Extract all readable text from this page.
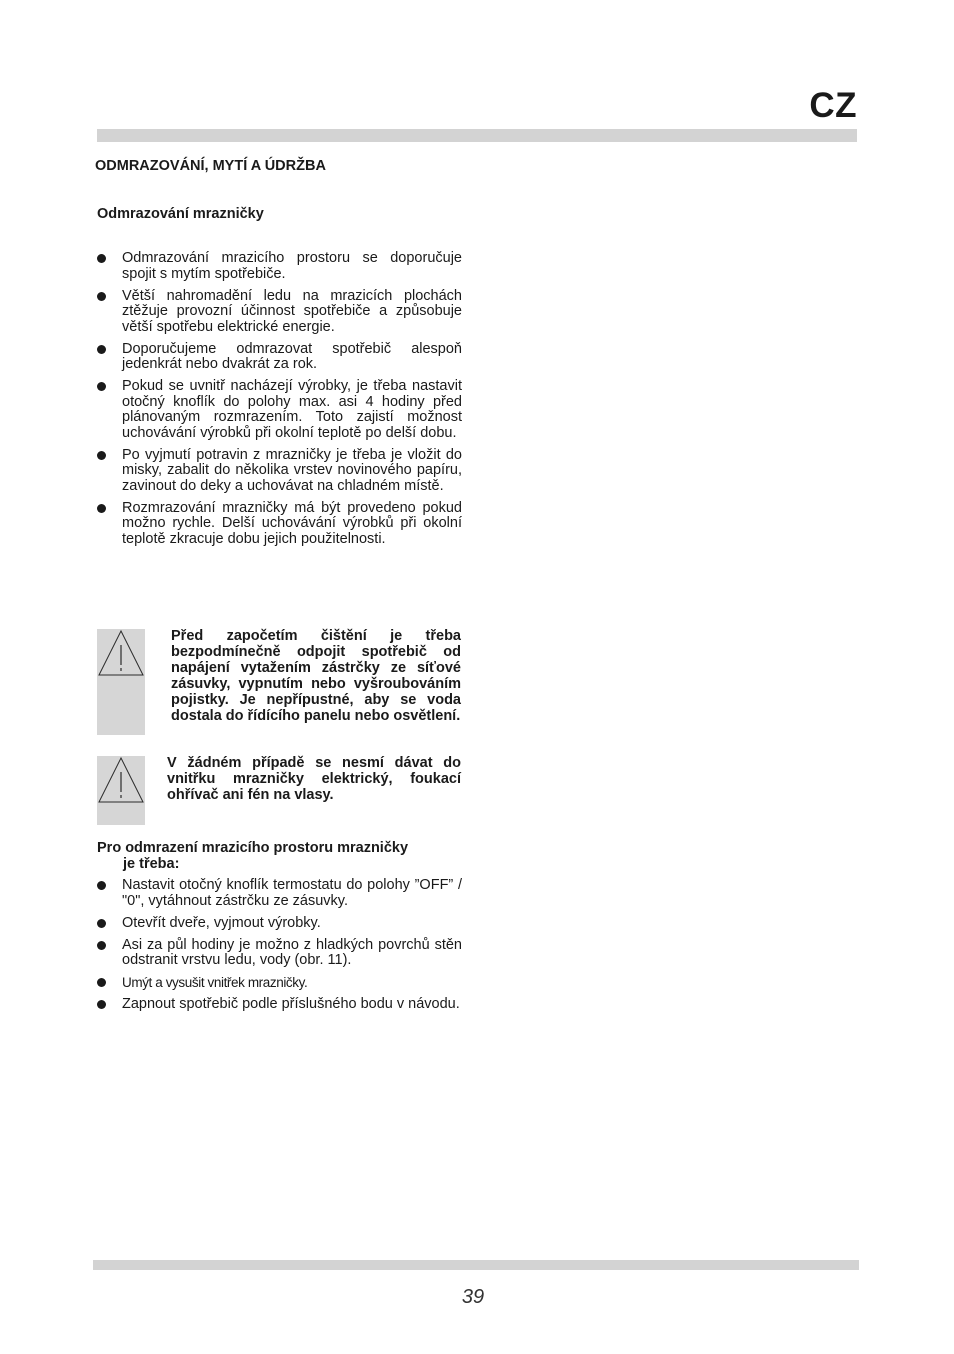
CZ
ODMRAZOVÁNÍ, MYTÍ A ÚDRŽBA
Odmrazování mrazničky
Odmrazování mrazicího prostoru se doporučuje spojit s mytím spotřebiče.
Větší nahromadění ledu na mrazicích plochách ztěžuje provozní účinnost spotřebiče a způsobuje větší spotřebu elektrické energie.
Doporučujeme odmrazovat spotřebič alespoň jedenkrát nebo dvakrát za rok.
Pokud se uvnitř nacházejí výrobky, je třeba nastavit otočný knoflík do polohy max. asi 4 hodiny před plánovaným rozmrazením. Toto zajistí možnost uchovávání výrobků při okolní teplotě po delší dobu.
Po vyjmutí potravin z mrazničky je třeba je vložit do misky, zabalit do několika vrstev novinového papíru, zavinout do deky a uchovávat na chladném místě.
Rozmrazování mrazničky má být provedeno pokud možno rychle. Delší uchovávání výrobků při okolní teplotě zkracuje dobu jejich použitelnosti.
Před započetím čištění je třeba bezpodmínečně odpojit spotřebič od napájení vytažením zástrčky ze síťové zásuvky, vypnutím nebo vyšroubováním pojistky. Je nepřípustné, aby se voda dostala do řídícího panelu nebo osvětlení.
V žádném případě se nesmí dávat do vnitřku mrazničky elektrický, foukací ohřívač ani fén na vlasy.
Pro odmrazení mrazicího prostoru mrazničky
je třeba:
Nastavit otočný knoflík termostatu do polohy ”OFF” / "0", vytáhnout zástrčku ze zásuvky.
Otevřít dveře, vyjmout výrobky.
Asi za půl hodiny je možno z hladkých povrchů stěn odstranit vrstvu ledu, vody (obr. 11).
Umýt a vysušit vnitřek mrazničky.
Zapnout spotřebič podle příslušného bodu v návodu.
39
